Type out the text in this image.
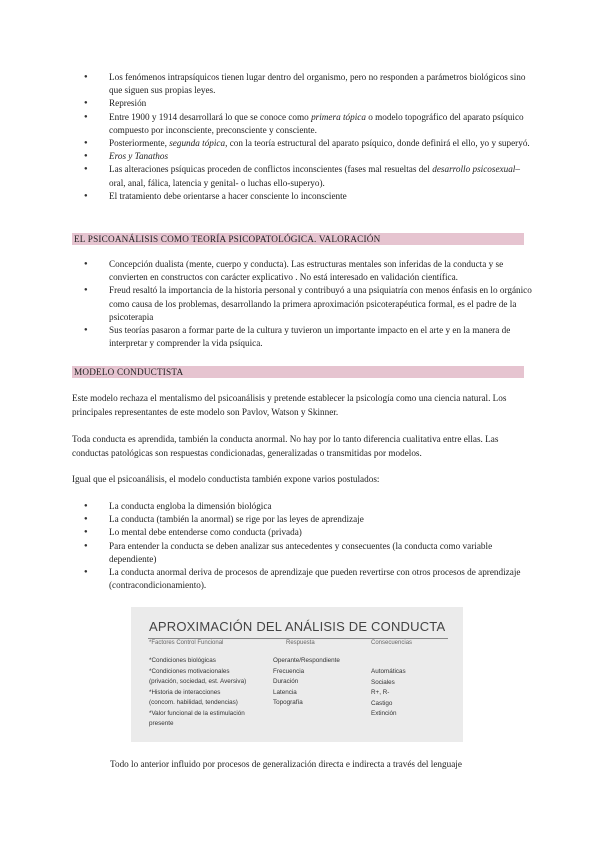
● Los fenómenos intrapsíquicos tienen lugar dentro del organismo, pero no responden a parámetros biológicos sino que siguen sus propias leyes.
● Represión
● Entre 1900 y 1914 desarrollará lo que se conoce como primera tópica o modelo topográfico del aparato psíquico compuesto por inconsciente, preconsciente y consciente.
● Posteriormente, segunda tópica, con la teoría estructural del aparato psíquico, donde definirá el ello, yo y superyó.
● Eros y Tanathos
● Las alteraciones psíquicas proceden de conflictos inconscientes (fases mal resueltas del desarrollo psicosexual–oral, anal, fálica, latencia y genital- o luchas ello-superyo).
● El tratamiento debe orientarse a hacer consciente lo inconsciente
EL PSICOANÁLISIS COMO TEORÍA PSICOPATOLÓGICA. VALORACIÓN
● Concepción dualista (mente, cuerpo y conducta). Las estructuras mentales son inferidas de la conducta y se convierten en constructos con carácter explicativo . No está interesado en validación científica.
● Freud resaltó la importancia de la historia personal y contribuyó a una psiquiatría con menos énfasis en lo orgánico como causa de los problemas, desarrollando la primera aproximación psicoterapéutica formal, es el padre de la psicoterapia
● Sus teorías pasaron a formar parte de la cultura y tuvieron un importante impacto en el arte y en la manera de interpretar y comprender la vida psíquica.
MODELO CONDUCTISTA

Este modelo rechaza el mentalismo del psicoanálisis y pretende establecer la psicología como una ciencia natural. Los principales representantes de este modelo son Pavlov, Watson y Skinner.

Toda conducta es aprendida, también la conducta anormal. No hay por lo tanto diferencia cualitativa entre ellas. Las conductas patológicas son respuestas condicionadas, generalizadas o transmitidas por modelos.

Igual que el psicoanálisis, el modelo conductista también expone varios postulados:

● La conducta engloba la dimensión biológica
● La conducta (también la anormal) se rige por las leyes de aprendizaje
● Lo mental debe entenderse como conducta (privada)
● Para entender la conducta se deben analizar sus antecedentes y consecuentes (la conducta como variable dependiente)
● La conducta anormal deriva de procesos de aprendizaje que pueden revertirse con otros procesos de aprendizaje (contracondicionamiento).
APROXIMACIÓN DEL ANÁLISIS DE CONDUCTA
*Factores Control Funcional	Respuesta	Consecuencias
*Condiciones biológicas
*Condiciones motivacionales
(privación, sociedad, est. Aversiva)
*Historia de interacciones
(concom. habilidad, tendencias)
*Valor funcional de la estimulación
presente
Operante/Respondiente
Frecuencia
Duración
Latencia
Topografía
Automáticas
Sociales
R+, R-
Castigo
Extinción
Todo lo anterior influido por procesos de generalización directa e indirecta a través del lenguaje
